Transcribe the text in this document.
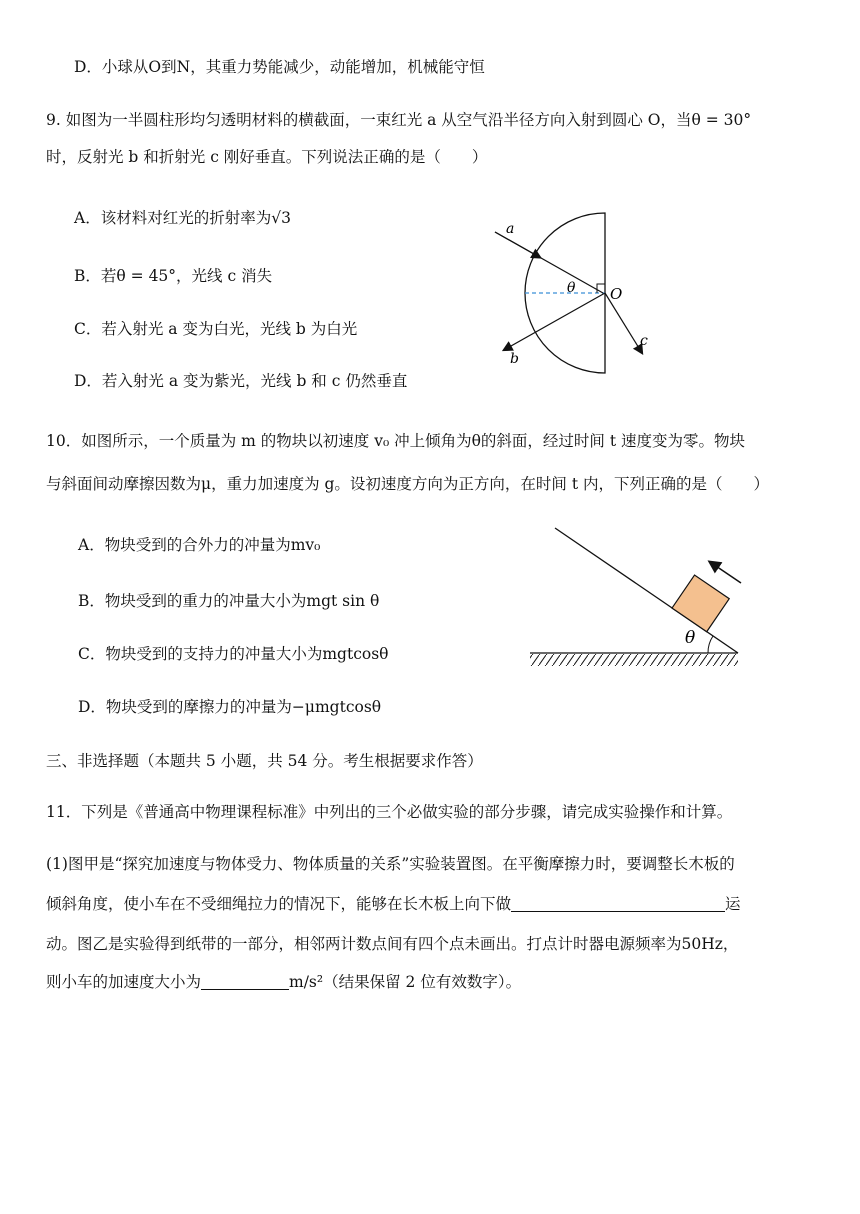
D．小球从O到N，其重力势能减少，动能增加，机械能守恒
9. 如图为一半圆柱形均匀透明材料的横截面，一束红光 a 从空气沿半径方向入射到圆心 O，当θ = 30°
时，反射光 b 和折射光 c 刚好垂直。下列说法正确的是（　　）
A．该材料对红光的折射率为√3
B．若θ = 45°，光线 c 消失
C．若入射光 a 变为白光，光线 b 为白光
D．若入射光 a 变为紫光，光线 b 和 c 仍然垂直
a
θ O
b
c
10．如图所示，一个质量为 m 的物块以初速度 v₀ 冲上倾角为θ的斜面，经过时间 t 速度变为零。物块
与斜面间动摩擦因数为μ，重力加速度为 g。设初速度方向为正方向，在时间 t 内，下列正确的是（　　）
A．物块受到的合外力的冲量为mv₀
B．物块受到的重力的冲量大小为mgt sin θ
C．物块受到的支持力的冲量大小为mgtcosθ
D．物块受到的摩擦力的冲量为−μmgtcosθ
θ
三、非选择题（本题共 5 小题，共 54 分。考生根据要求作答）
11．下列是《普通高中物理课程标准》中列出的三个必做实验的部分步骤，请完成实验操作和计算。
(1)图甲是“探究加速度与物体受力、物体质量的关系”实验装置图。在平衡摩擦力时，要调整长木板的
倾斜角度，使小车在不受细绳拉力的情况下，能够在长木板上向下做	运
动。图乙是实验得到纸带的一部分，相邻两计数点间有四个点未画出。打点计时器电源频率为50Hz，
则小车的加速度大小为	m/s²（结果保留 2 位有效数字）。
